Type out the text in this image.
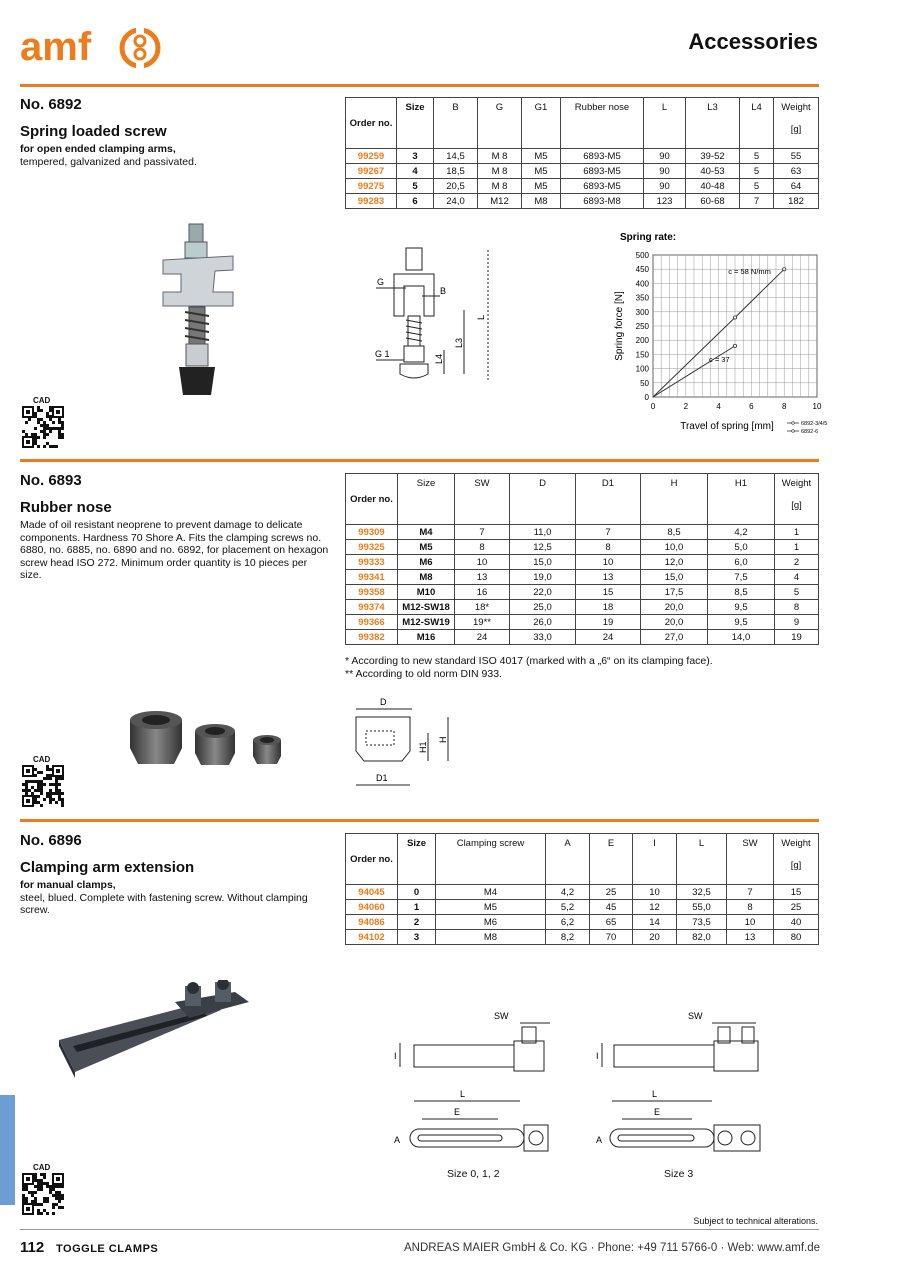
amf	Accessories
No. 6892
Spring loaded screw
for open ended clamping arms,
tempered, galvanized and passivated.
Order no.	Size	B	G	G1	Rubber nose	L	L3	L4	Weight

[g]
99259	3	14,5	M 8	M5	6893-M5	90	39-52	5	55
99267	4	18,5	M 8	M5	6893-M5	90	40-53	5	63
99275	5	20,5	M 8	M5	6893-M5	90	40-48	5	64
99283	6	24,0	M12	M8	6893-M8	123	60-68	7	182
G
B
G 1	L4
L3
L
Spring rate:
Spring force [N]
Travel of spring [mm]
0
50
100
150
200
250
300
350
400
450
500
0	2	4	6	8	10
c = 58 N/mm
6892-3/4/5
c = 37
6892-6
CAD
No. 6893
Rubber nose
Made of oil resistant neoprene to prevent damage to delicate components. Hardness 70 Shore A. Fits the clamping screws no. 6880, no. 6885, no. 6890 and no. 6892, for placement on hexagon screw head ISO 272. Minimum order quantity is 10 pieces per size.
Order no.	Size	SW	D	D1	H	H1	Weight

[g]
99309	M4	7	11,0	7	8,5	4,2	1
99325	M5	8	12,5	8	10,0	5,0	1
99333	M6	10	15,0	10	12,0	6,0	2
99341	M8	13	19,0	13	15,0	7,5	4
99358	M10	16	22,0	15	17,5	8,5	5
99374	M12-SW18	18*	25,0	18	20,0	9,5	8
99366	M12-SW19	19**	26,0	19	20,0	9,5	9
99382	M16	24	33,0	24	27,0	14,0	19
* According to new standard ISO 4017 (marked with a „6“ on its clamping face).
** According to old norm DIN 933.
D
D1
H1
H
CAD
No. 6896
Clamping arm extension
for manual clamps,
steel, blued. Complete with fastening screw. Without clamping screw.
Order no.	Size	Clamping screw	A	E	I	L	SW	Weight

[g]
94045	0	M4	4,2	25	10	32,5	7	15
94060	1	M5	5,2	45	12	55,0	8	25
94086	2	M6	6,2	65	14	73,5	10	40
94102	3	M8	8,2	70	20	82,0	13	80
SW
I
L
E
A
Size 0, 1, 2
SW
I
L
E
A
Size 3
CAD
Subject to technical alterations.
112 TOGGLE CLAMPS	ANDREAS MAIER GmbH & Co. KG · Phone: +49 711 5766-0 · Web: www.amf.de
